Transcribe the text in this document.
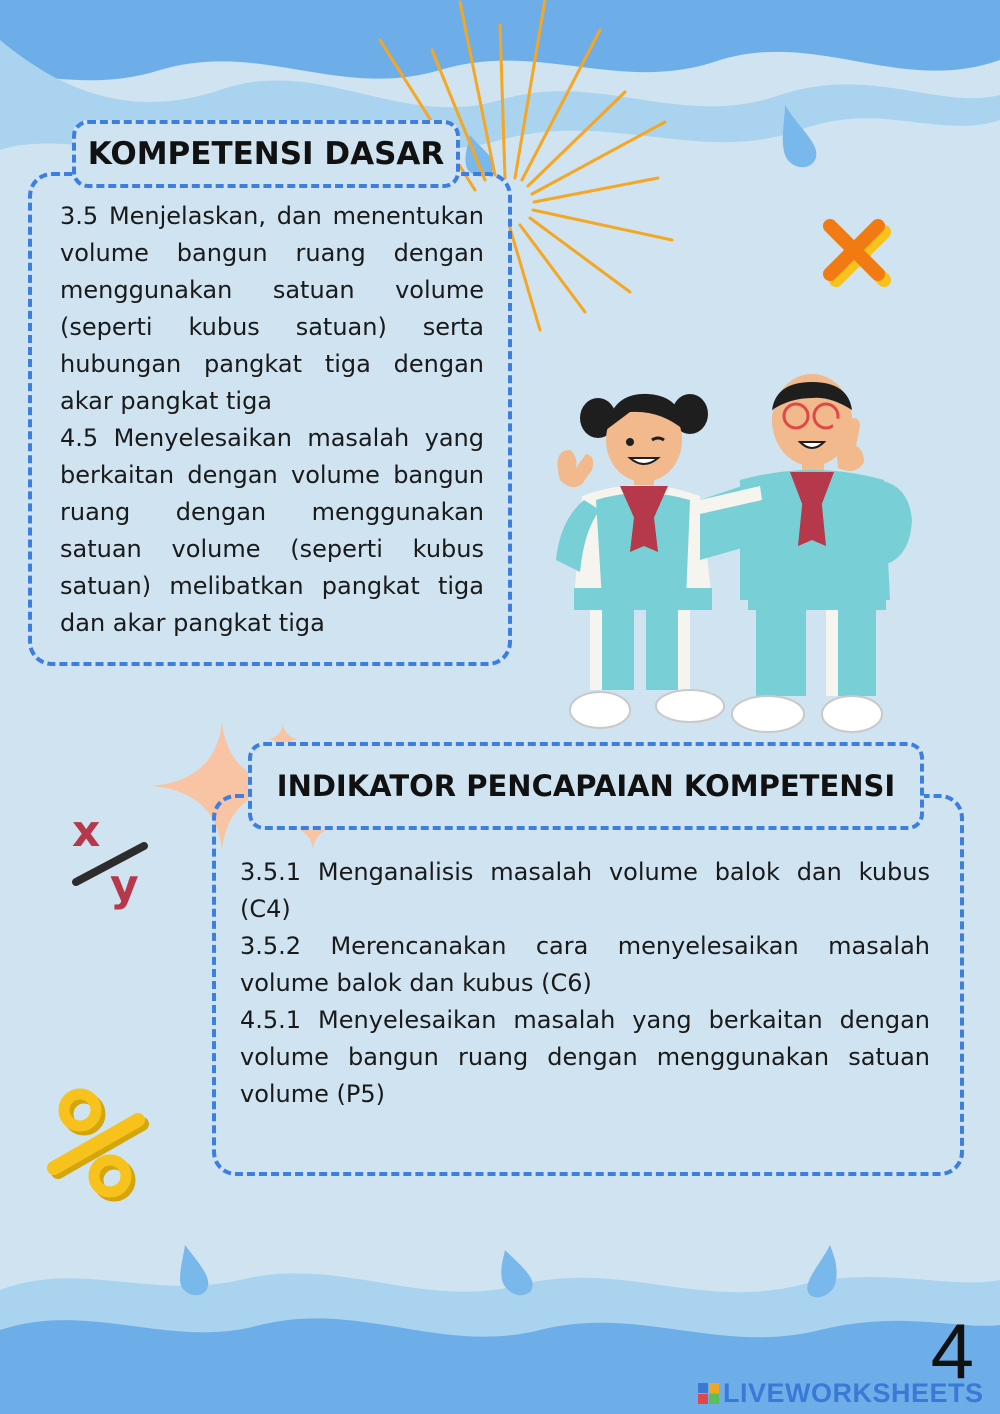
x
y
KOMPETENSI DASAR

3.5 Menjelaskan, dan menentukan volume bangun ruang dengan menggunakan satuan volume (seperti kubus satuan) serta hubungan pangkat tiga dengan akar pangkat tiga

4.5 Menyelesaikan masalah yang berkaitan dengan volume bangun ruang dengan menggunakan satuan volume (seperti kubus satuan) melibatkan pangkat tiga dan akar pangkat tiga

INDIKATOR PENCAPAIAN KOMPETENSI

3.5.1 Menganalisis masalah volume balok dan kubus (C4)

3.5.2 Merencanakan cara menyelesaikan masalah volume balok dan kubus (C6)

4.5.1 Menyelesaikan masalah yang berkaitan dengan volume bangun ruang dengan menggunakan satuan volume (P5)

4
LIVEWORKSHEETS
